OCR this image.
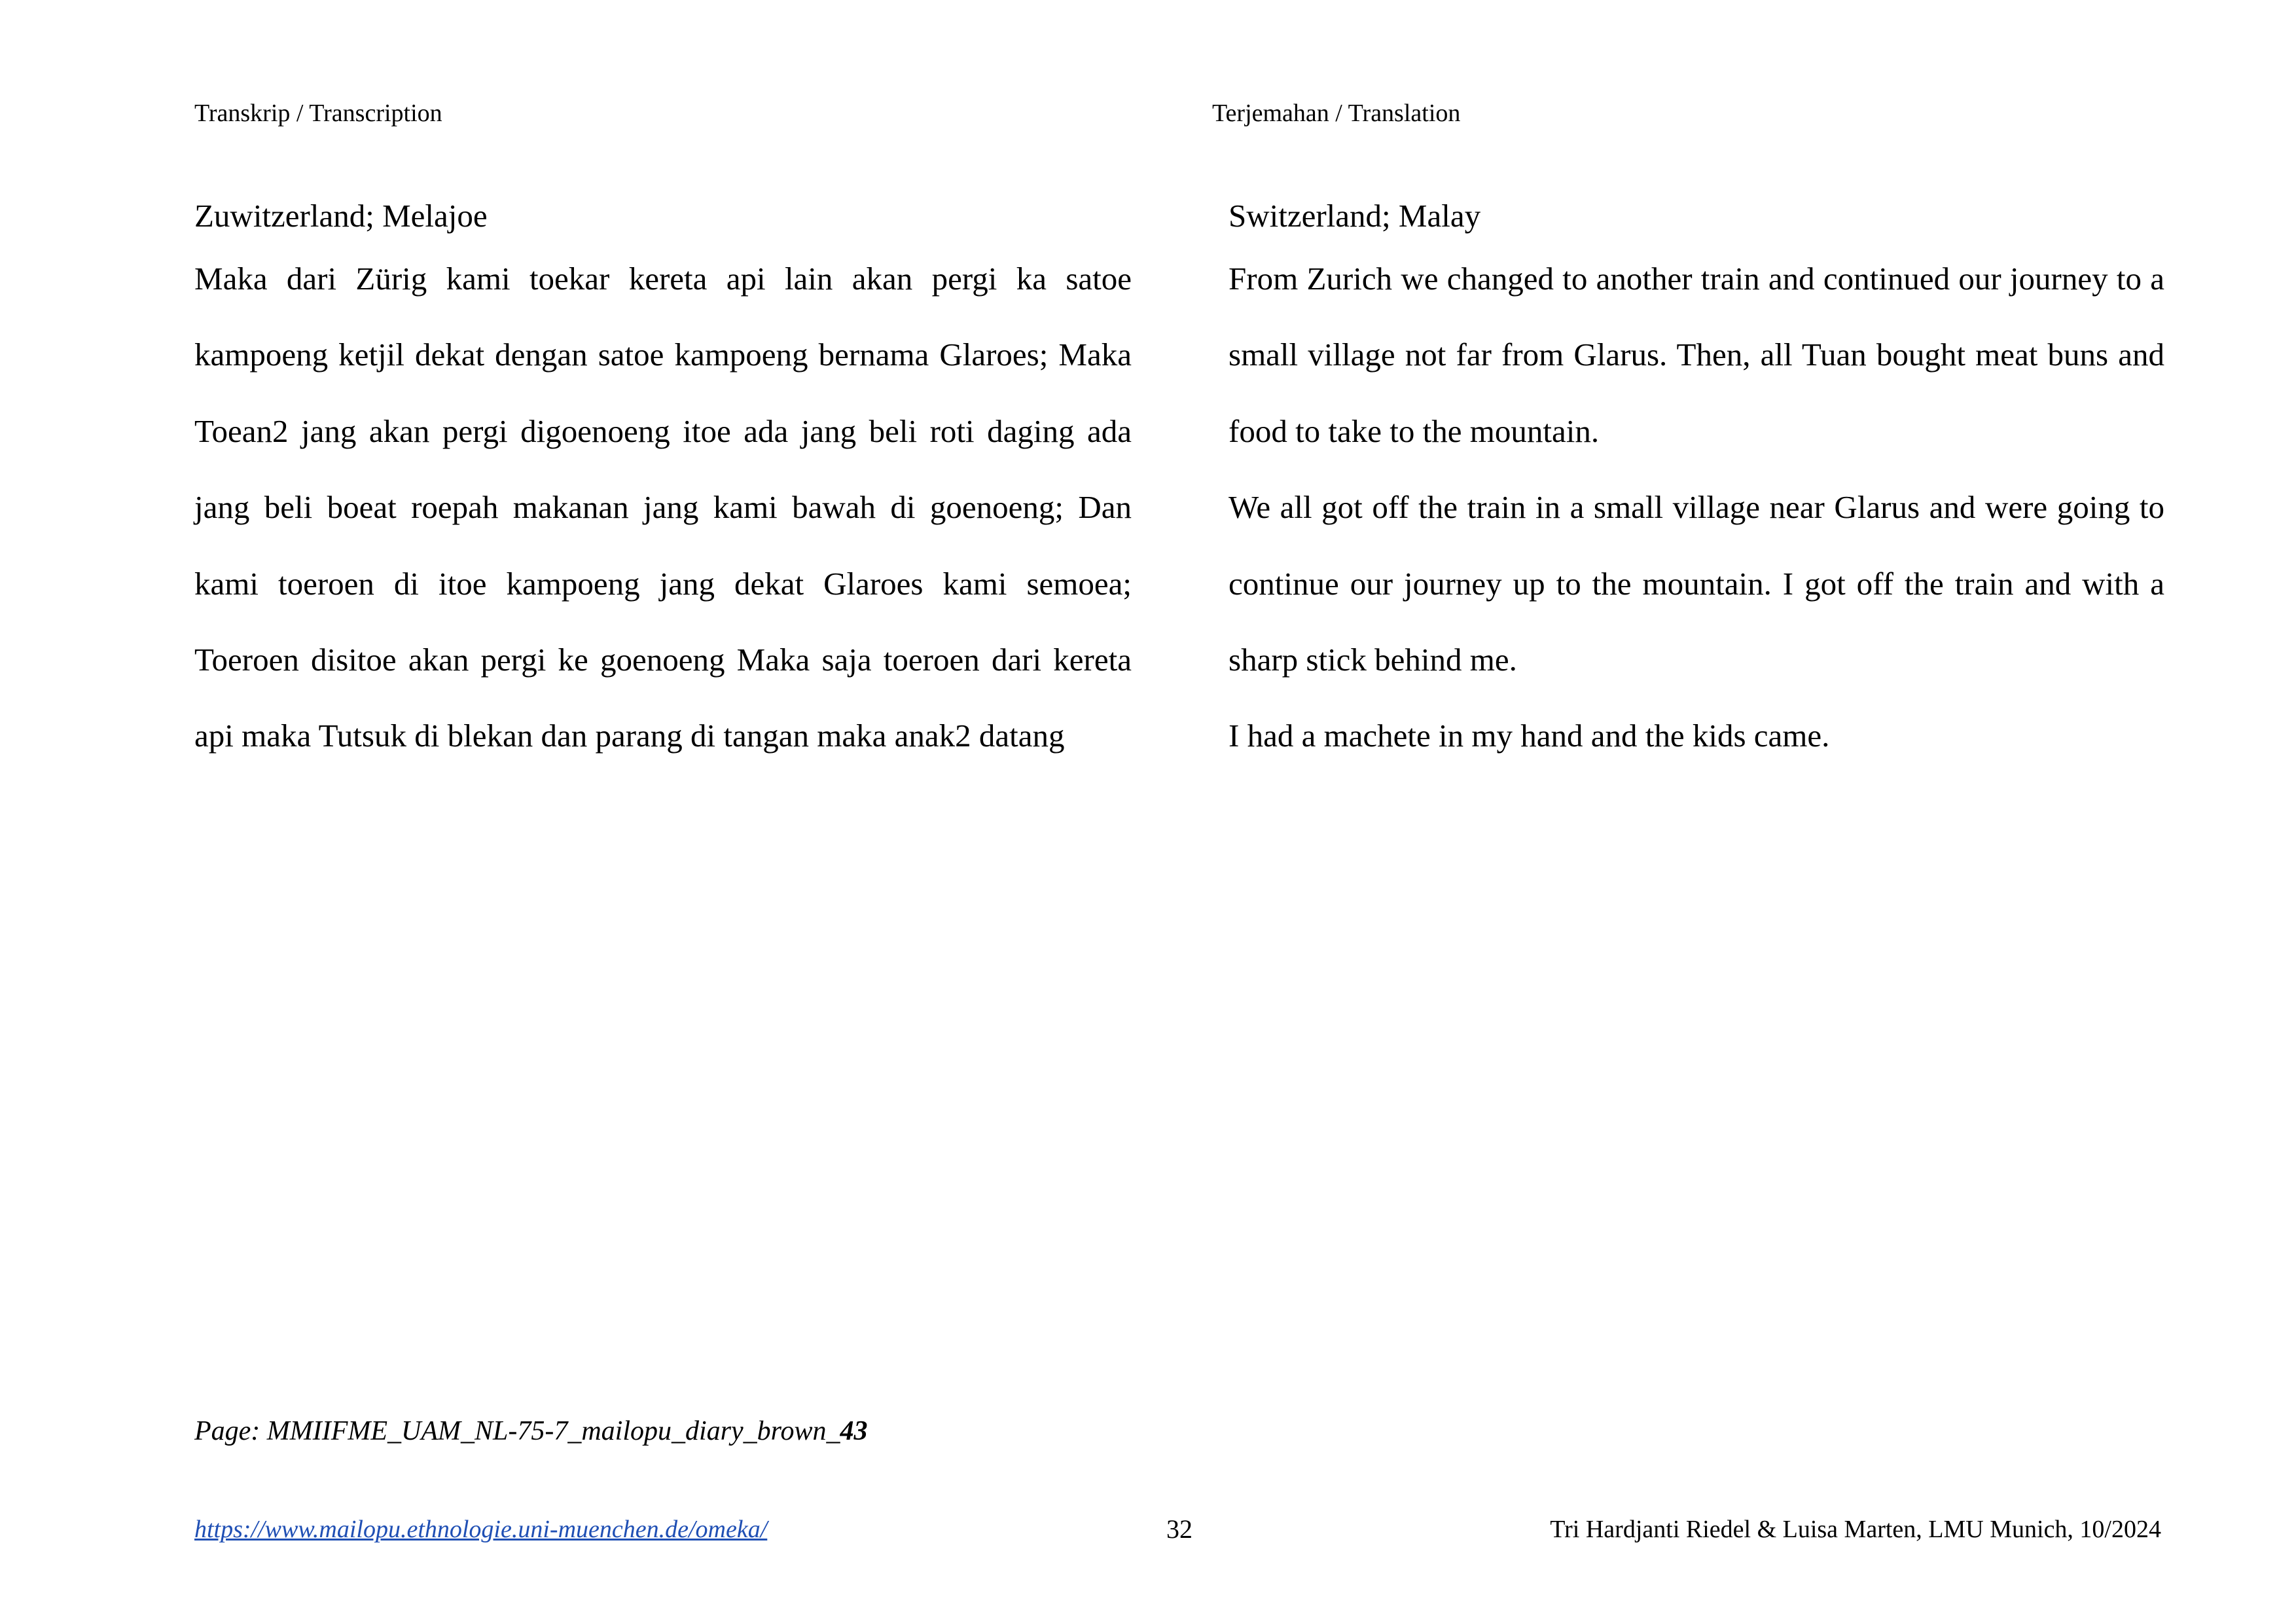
Transkrip / Transcription	Terjemahan / Translation
Zuwitzerland; Melajoe

Maka dari Zürig kami toekar kereta api lain akan pergi ka satoe kampoeng ketjil dekat dengan satoe kampoeng bernama Glaroes; Maka Toean2 jang akan pergi digoenoeng itoe ada jang beli roti daging ada jang beli boeat roepah makanan jang kami bawah di goenoeng; Dan kami toeroen di itoe kampoeng jang dekat Glaroes kami semoea; Toeroen disitoe akan pergi ke goenoeng Maka saja toeroen dari kereta api maka Tutsuk di blekan dan parang di tangan maka anak2 datang

Switzerland; Malay

From Zurich we changed to another train and continued our journey to a small village not far from Glarus. Then, all Tuan bought meat buns and food to take to the mountain.

We all got off the train in a small village near Glarus and were going to continue our journey up to the mountain. I got off the train and with a sharp stick behind me.

I had a machete in my hand and the kids came.

Page: MMIIFME_UAM_NL-75-7_mailopu_diary_brown_43
https://www.mailopu.ethnologie.uni-muenchen.de/omeka/	32	Tri Hardjanti Riedel & Luisa Marten, LMU Munich, 10/2024
